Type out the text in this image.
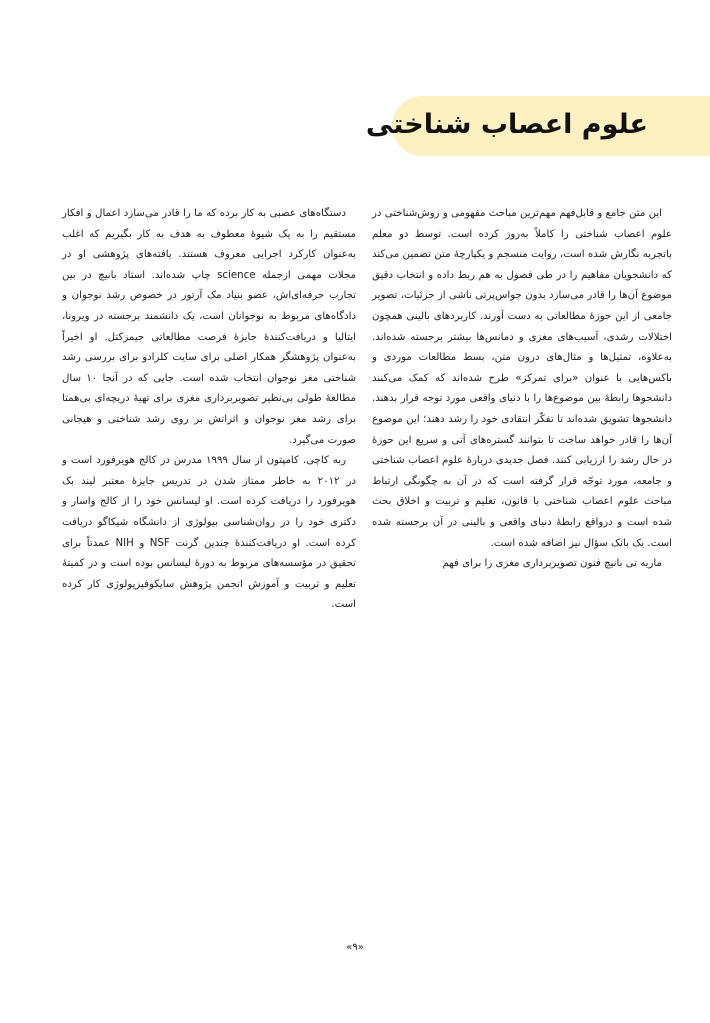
علوم اعصاب شناختی

این متن جامع و قابل‌فهم مهم‌ترین مباحث مفهومی و روش‌شناختی در علوم اعصاب شناختی را کاملاً به‌روز کرده است. توسط دو معلم باتجربه نگارش شده است، روایت منسجم و یکپارچهٔ متن تضمین می‌کند که دانشجویان مفاهیم را در طی فصول به هم ربط داده و انتخاب دقیق موضوع آن‌ها را قادر می‌سازد بدون حواس‌پرتی ناشی از جزئیات، تصویر جامعی از این حوزهٔ مطالعاتی به دست آورند. کاربردهای بالینی همچون اختلالات رشدی، آسیب‌های مغزی و دمانس‌ها بیشتر برجسته شده‌اند. به‌علاوه، تمثیل‌ها و مثال‌های درون متن، بسط مطالعات موردی و باکس‌هایی با عنوان «برای تمرکز» طرح شده‌اند که کمک می‌کنند دانشجوها رابطهٔ بین موضوع‌ها را با دنیای واقعی مورد توجه قرار بدهند. دانشجوها تشویق شده‌اند تا تفکّر انتقادی خود را رشد دهند؛ این موضوع آن‌ها را قادر خواهد ساخت تا بتوانند گستره‌های آتی و سریع این حوزهٔ در حال رشد را ارزیابی کنند. فصل جدیدی دربارهٔ علوم اعصاب شناختی و جامعه، مورد توجّه قرار گرفته است که در آن به چگونگی ارتباط مباحث علوم اعصاب شناختی با قانون، تعلیم و تربیت و اخلاق بحث شده است و درواقع رابطهٔ دنیای واقعی و بالینی در آن برجسته شده است. یک بانک سؤال نیز اضافه شده است.

ماریه تی بانیچ فنون تصویربرداری مغزی را برای فهم

دستگاه‌های عصبی به کار برده که ما را قادر می‌سازد اعمال و افکار مستقیم را به یک شیوهٔ معطوف به هدف به کار بگیریم که اغلب به‌عنوان کارکرد اجرایی معروف هستند. یافته‌های پژوهشی او در مجلات مهمی ازجمله science چاپ شده‌اند. استاد بانیچ در بین تجارب حرفه‌ای‌اش، عضو بنیاد مک آرتور در خصوص رشد نوجوان و دادگاه‌های مربوط به نوجوانان است، یک دانشمند برجسته در ویرونا، ایتالیا و دریافت‌کنندهٔ جایزهٔ فرصت مطالعاتی جیمزکتل. او اخیراً به‌عنوان پژوهشگر همکار اصلی برای سایت کلرادو برای بررسی رشد شناختی مغز نوجوان انتخاب شده است. جایی که در آنجا ۱۰ سال مطالعهٔ طولی بی‌نظیر تصویربرداری مغزی برای تهیهٔ دریچه‌ای بی‌همتا برای رشد مغز نوجوان و اثراتش بر روی رشد شناختی و هیجانی صورت می‌گیرد.

ربه کاچی. کامپتون از سال ۱۹۹۹ مدرس در کالج هویرفورد است و در ۲۰۱۲ به خاطر ممتاز شدن در تدریس جایزهٔ معتبر لیند بک هویرفورد را دریافت کرده است. او لیسانس خود را از کالج واسار و دکتری خود را در روان‌شناسی بیولوژی از دانشگاه شیکاگو دریافت کرده است. او دریافت‌کنندهٔ چندین گرنت NSF و NIH عمدتاً برای تحقیق در مؤسسه‌های مربوط به دورهٔ لیسانس بوده است و در کمیتهٔ تعلیم و تربیت و آموزش انجمن پژوهش سایکوفیزیولوژی کار کرده است.

«۹»
